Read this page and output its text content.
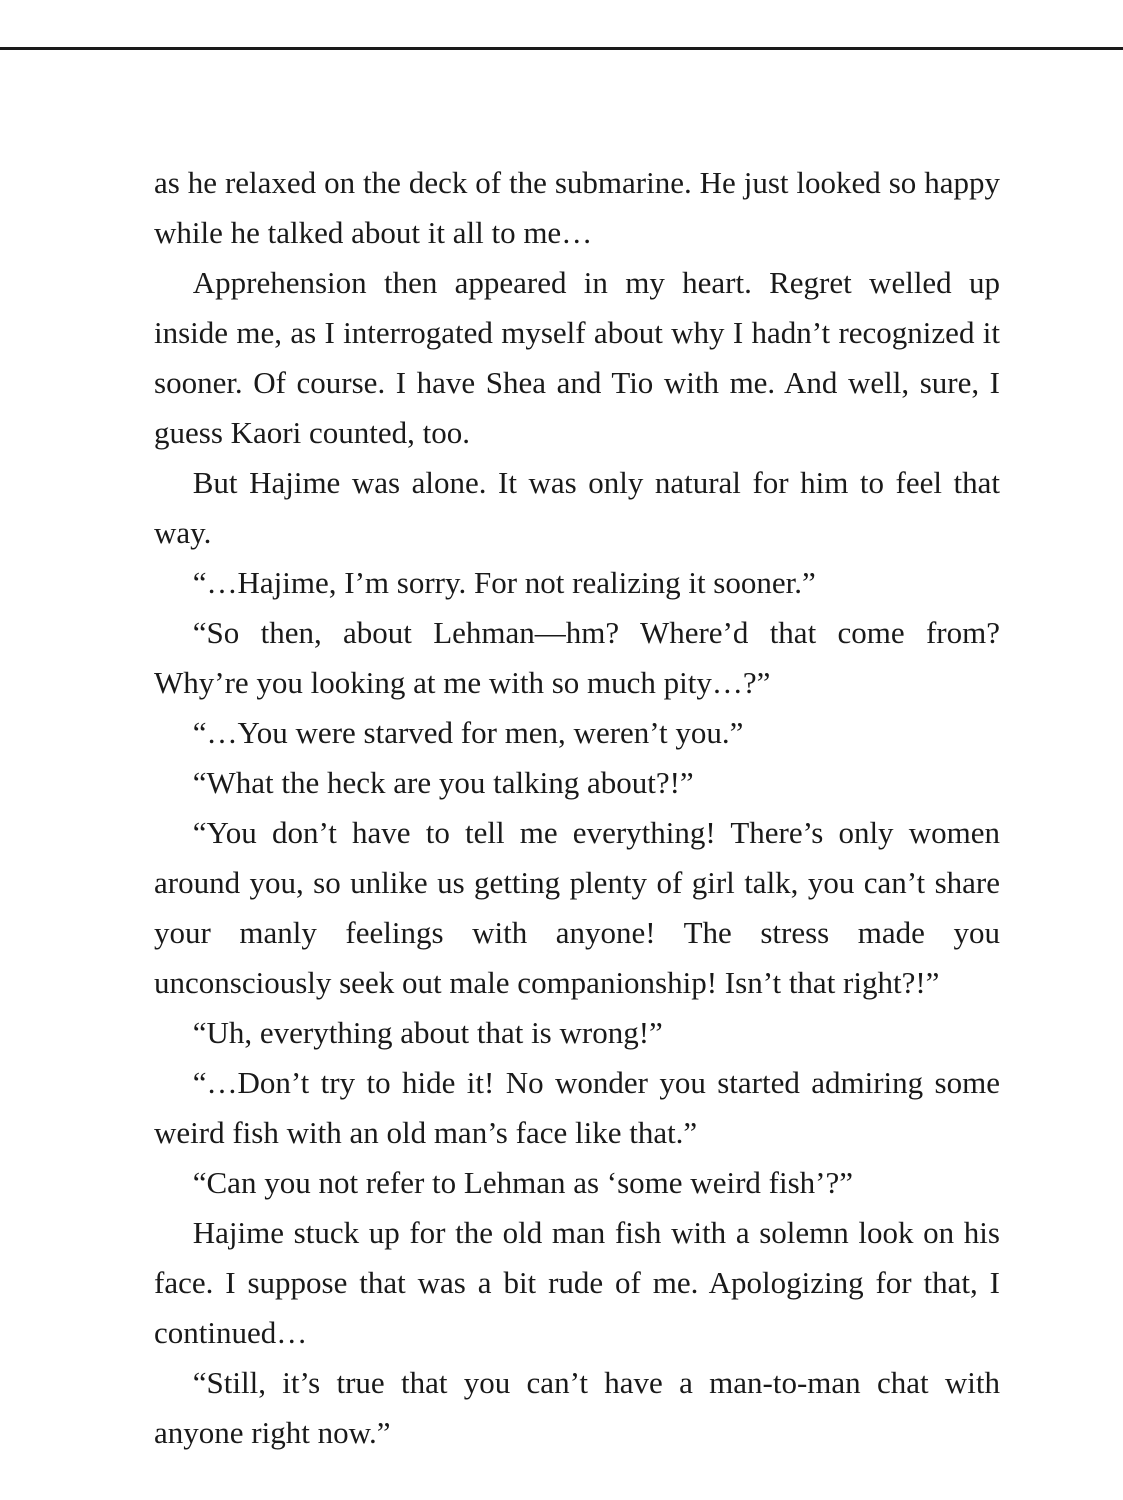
as he relaxed on the deck of the submarine. He just looked so happy while he talked about it all to me…

Apprehension then appeared in my heart. Regret welled up inside me, as I interrogated myself about why I hadn’t recognized it sooner. Of course. I have Shea and Tio with me. And well, sure, I guess Kaori counted, too.

But Hajime was alone. It was only natural for him to feel that way.

“…Hajime, I’m sorry. For not realizing it sooner.”

“So then, about Lehman—hm? Where’d that come from? Why’re you looking at me with so much pity…?”

“…You were starved for men, weren’t you.”

“What the heck are you talking about?!”

“You don’t have to tell me everything! There’s only women around you, so unlike us getting plenty of girl talk, you can’t share your manly feelings with anyone! The stress made you unconsciously seek out male companionship! Isn’t that right?!”

“Uh, everything about that is wrong!”

“…Don’t try to hide it! No wonder you started admiring some weird fish with an old man’s face like that.”

“Can you not refer to Lehman as ‘some weird fish’?”

Hajime stuck up for the old man fish with a solemn look on his face. I suppose that was a bit rude of me. Apologizing for that, I continued…

“Still, it’s true that you can’t have a man-to-man chat with anyone right now.”
